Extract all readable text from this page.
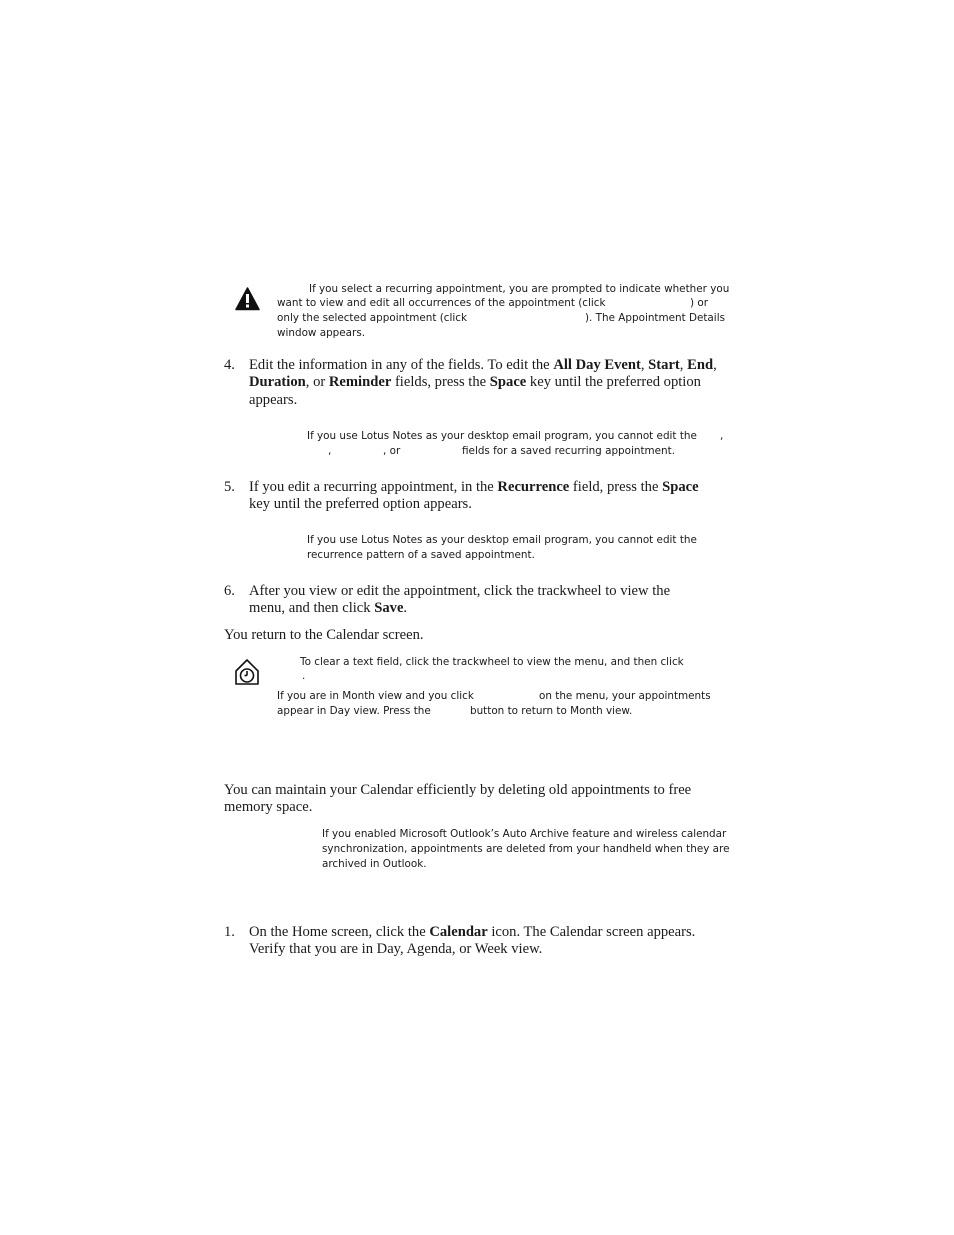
If you select a recurring appointment, you are prompted to indicate whether you
want to view and edit all occurrences of the appointment (click	) or
only the selected appointment (click	). The Appointment Details
window appears.
4. Edit the information in any of the fields. To edit the All Day Event, Start, End,
Duration, or Reminder fields, press the Space key until the preferred option
appears.
If you use Lotus Notes as your desktop email program, you cannot edit the ,
,	, or	fields for a saved recurring appointment.
5. If you edit a recurring appointment, in the Recurrence field, press the Space
key until the preferred option appears.
If you use Lotus Notes as your desktop email program, you cannot edit the
recurrence pattern of a saved appointment.
6. After you view or edit the appointment, click the trackwheel to view the
menu, and then click Save.
You return to the Calendar screen.
To clear a text field, click the trackwheel to view the menu, and then click
.
If you are in Month view and you click	on the menu, your appointments
appear in Day view. Press the	button to return to Month view.
You can maintain your Calendar efficiently by deleting old appointments to free
memory space.
If you enabled Microsoft Outlook’s Auto Archive feature and wireless calendar
synchronization, appointments are deleted from your handheld when they are
archived in Outlook.
1. On the Home screen, click the Calendar icon. The Calendar screen appears.
Verify that you are in Day, Agenda, or Week view.
